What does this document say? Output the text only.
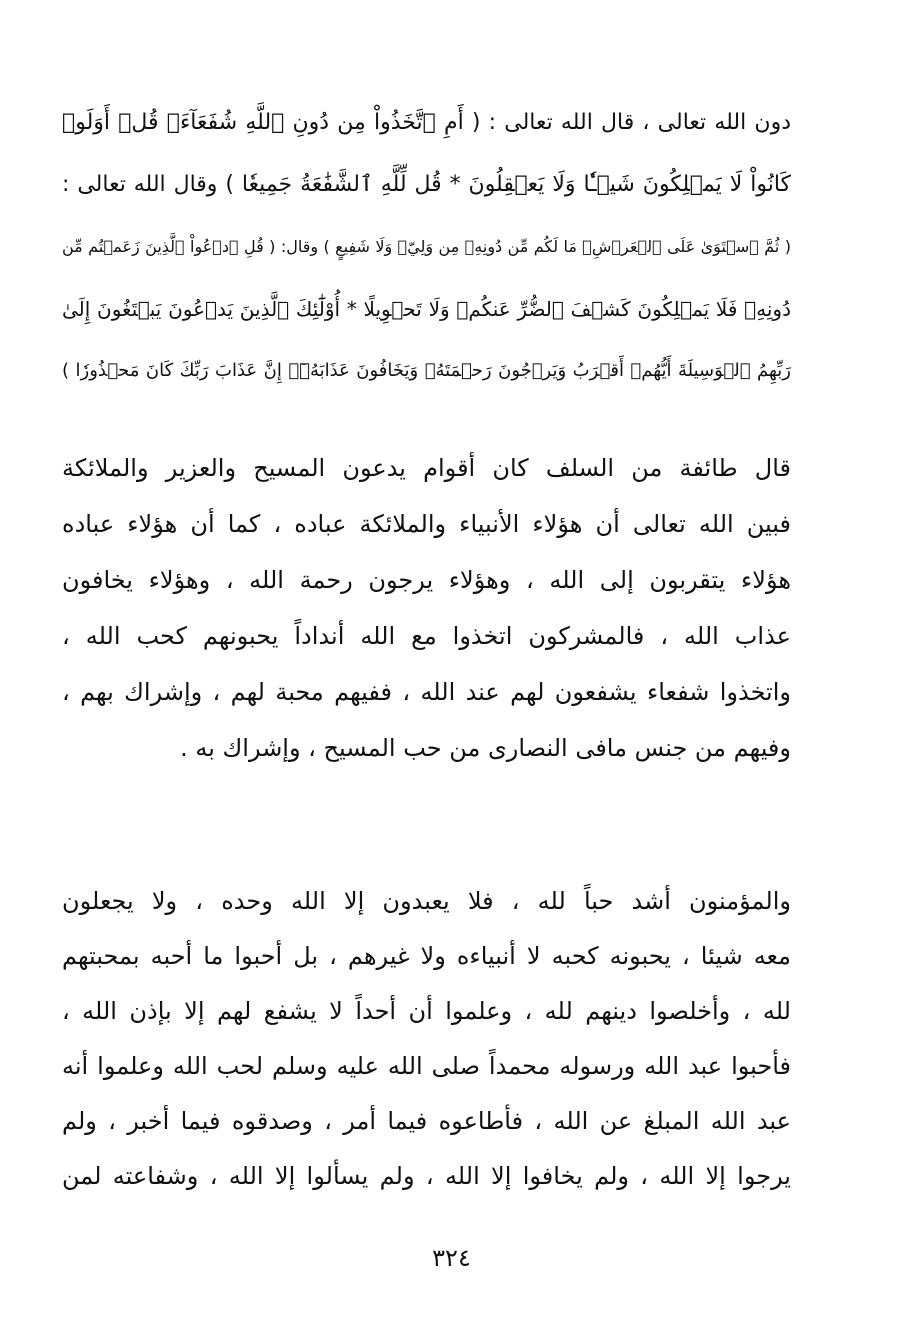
دون الله تعالى ، قال الله تعالى : ( أَمِ ٱتَّخَذُواْ مِن دُونِ ٱللَّهِ شُفَعَآءَۚ قُلۡ أَوَلَوۡ
كَانُواْ لَا يَمۡلِكُونَ شَيۡـٔٗا وَلَا يَعۡقِلُونَ * قُل لِّلَّهِ ٱلشَّفَٰعَةُ جَمِيعٗا ) وقال الله تعالى :
( ثُمَّ ٱسۡتَوَىٰ عَلَى ٱلۡعَرۡشِۖ مَا لَكُم مِّن دُونِهِۦ مِن وَلِيّٖ وَلَا شَفِيعٍ ) وقال: ( قُلِ ٱدۡعُواْ ٱلَّذِينَ زَعَمۡتُم مِّن
دُونِهِۦ فَلَا يَمۡلِكُونَ كَشۡفَ ٱلضُّرِّ عَنكُمۡ وَلَا تَحۡوِيلًا * أُوْلَٰٓئِكَ ٱلَّذِينَ يَدۡعُونَ يَبۡتَغُونَ إِلَىٰ
رَبِّهِمُ ٱلۡوَسِيلَةَ أَيُّهُمۡ أَقۡرَبُ وَيَرۡجُونَ رَحۡمَتَهُۥ وَيَخَافُونَ عَذَابَهُۥٓۚ إِنَّ عَذَابَ رَبِّكَ كَانَ مَحۡذُورٗا )
قال طائفة من السلف كان أقوام يدعون المسيح والعزير والملائكة
فبين الله تعالى أن هؤلاء الأنبياء والملائكة عباده ، كما أن هؤلاء عباده
هؤلاء يتقربون إلى الله ، وهؤلاء يرجون رحمة الله ، وهؤلاء يخافون
عذاب الله ، فالمشركون اتخذوا مع الله أنداداً يحبونهم كحب الله ،
واتخذوا شفعاء يشفعون لهم عند الله ، ففيهم محبة لهم ، وإشراك بهم ،
وفيهم من جنس مافى النصارى من حب المسيح ، وإشراك به .
والمؤمنون أشد حباً لله ، فلا يعبدون إلا الله وحده ، ولا يجعلون
معه شيئا ، يحبونه كحبه لا أنبياءه ولا غيرهم ، بل أحبوا ما أحبه بمحبتهم
لله ، وأخلصوا دينهم لله ، وعلموا أن أحداً لا يشفع لهم إلا بإذن الله ،
فأحبوا عبد الله ورسوله محمداً صلى الله عليه وسلم لحب الله وعلموا أنه
عبد الله المبلغ عن الله ، فأطاعوه فيما أمر ، وصدقوه فيما أخبر ، ولم
يرجوا إلا الله ، ولم يخافوا إلا الله ، ولم يسألوا إلا الله ، وشفاعته لمن
٣٢٤
